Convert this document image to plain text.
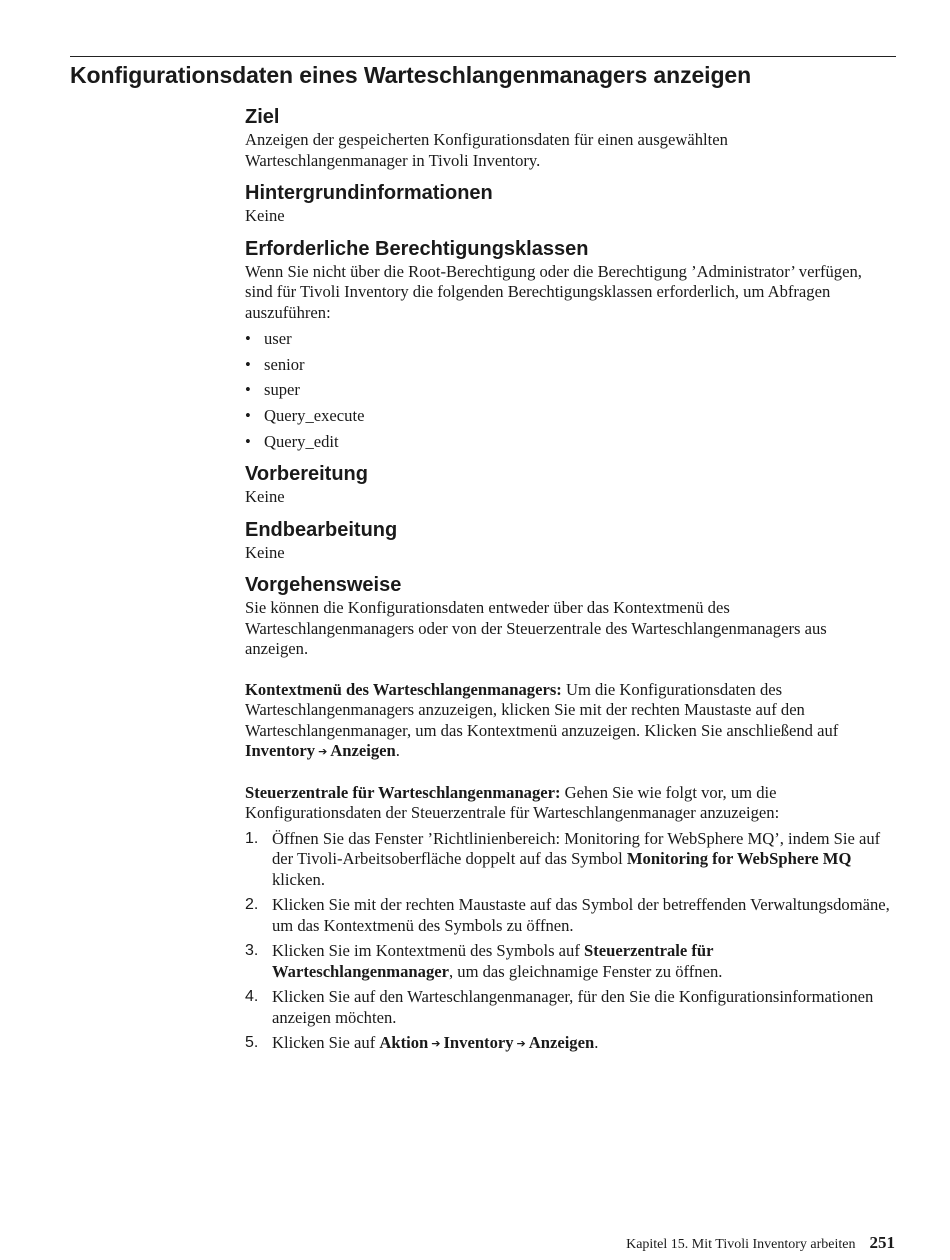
Konfigurationsdaten eines Warteschlangenmanagers anzeigen
Ziel

Anzeigen der gespeicherten Konfigurationsdaten für einen ausgewählten Warteschlangenmanager in Tivoli Inventory.

Hintergrundinformationen

Keine

Erforderliche Berechtigungsklassen

Wenn Sie nicht über die Root-Berechtigung oder die Berechtigung ’Administrator’ verfügen, sind für Tivoli Inventory die folgenden Berechtigungsklassen erforderlich, um Abfragen auszuführen:

• user
• senior
• super
• Query_execute
• Query_edit
Vorbereitung

Keine

Endbearbeitung

Keine

Vorgehensweise

Sie können die Konfigurationsdaten entweder über das Kontextmenü des Warteschlangenmanagers oder von der Steuerzentrale des Warteschlangenmanagers aus anzeigen.

Kontextmenü des Warteschlangenmanagers: Um die Konfigurationsdaten des Warteschlangenmanagers anzuzeigen, klicken Sie mit der rechten Maustaste auf den Warteschlangenmanager, um das Kontextmenü anzuzeigen. Klicken Sie anschließend auf Inventory ➔ Anzeigen.

Steuerzentrale für Warteschlangenmanager: Gehen Sie wie folgt vor, um die Konfigurationsdaten der Steuerzentrale für Warteschlangenmanager anzuzeigen:

1. Öffnen Sie das Fenster ’Richtlinienbereich: Monitoring for WebSphere MQ’, indem Sie auf der Tivoli-Arbeitsoberfläche doppelt auf das Symbol Monitoring for WebSphere MQ klicken.
2. Klicken Sie mit der rechten Maustaste auf das Symbol der betreffenden Verwaltungsdomäne, um das Kontextmenü des Symbols zu öffnen.
3. Klicken Sie im Kontextmenü des Symbols auf Steuerzentrale für Warteschlangenmanager, um das gleichnamige Fenster zu öffnen.
4. Klicken Sie auf den Warteschlangenmanager, für den Sie die Konfigurationsinformationen anzeigen möchten.
5. Klicken Sie auf Aktion ➔ Inventory ➔ Anzeigen.
Kapitel 15. Mit Tivoli Inventory arbeiten 251
